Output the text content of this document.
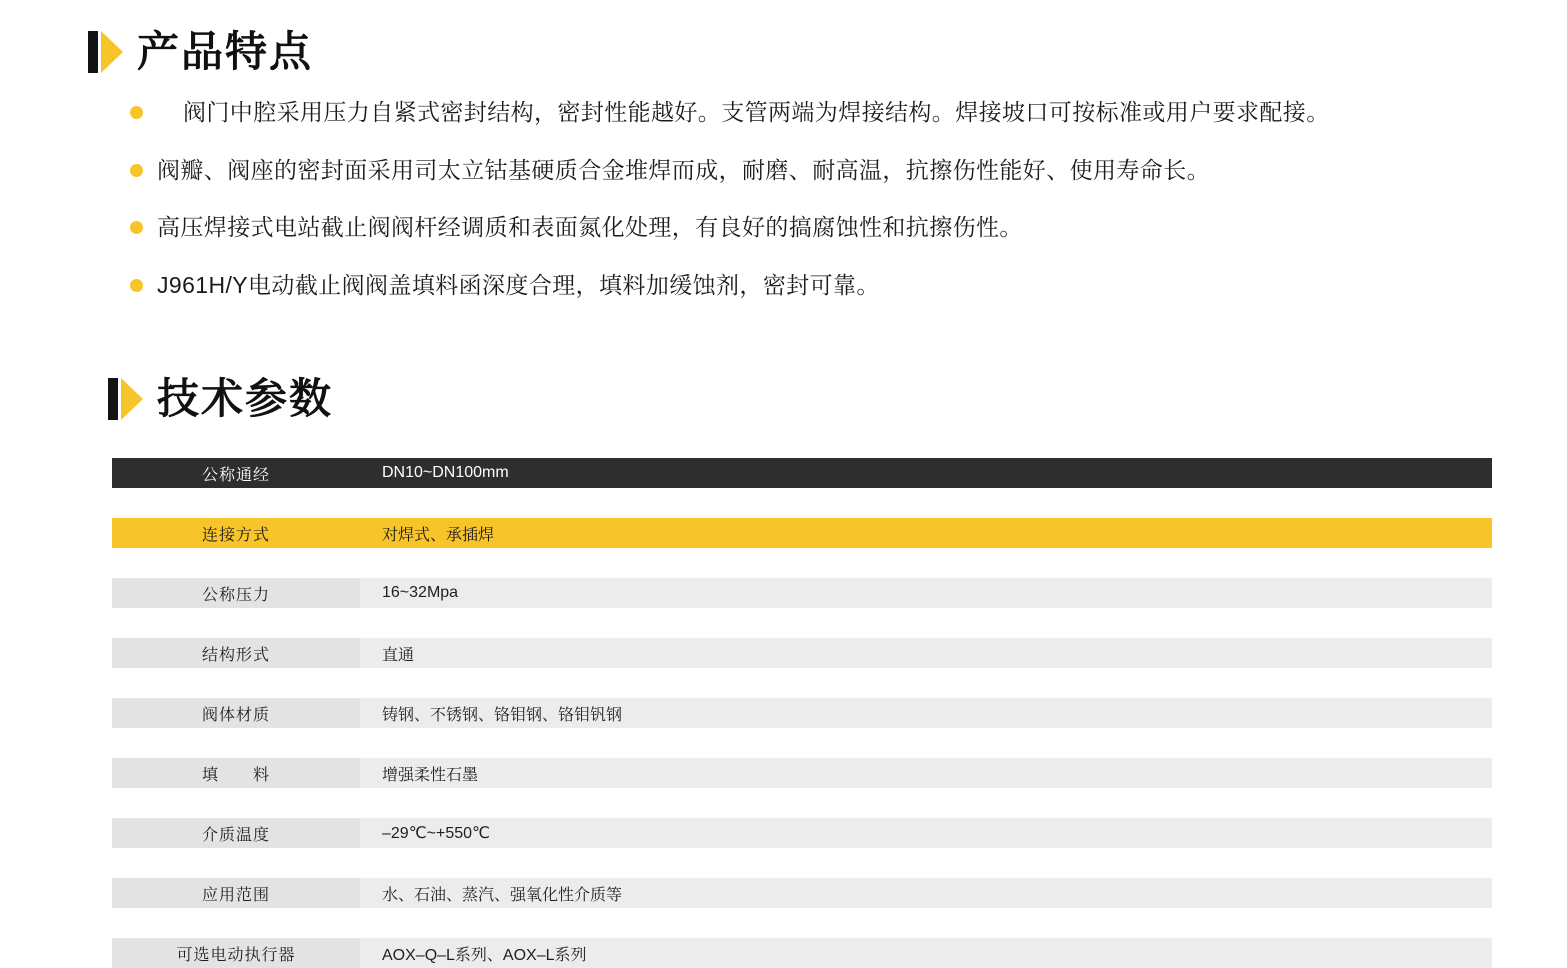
产品特点
阀门中腔采用压力自紧式密封结构，密封性能越好。支管两端为焊接结构。焊接坡口可按标准或用户要求配接。
阀瓣、阀座的密封面采用司太立钴基硬质合金堆焊而成，耐磨、耐高温，抗擦伤性能好、使用寿命长。
高压焊接式电站截止阀阀杆经调质和表面氮化处理，有良好的搞腐蚀性和抗擦伤性。
J961H/Y电动截止阀阀盖填料函深度合理，填料加缓蚀剂，密封可靠。
技术参数
公称通经	DN10~DN100mm

连接方式	对焊式、承插焊

公称压力	16~32Mpa

结构形式	直通

阀体材质	铸钢、不锈钢、铬钼钢、铬钼钒钢

填　　料	增强柔性石墨

介质温度	–29℃~+550℃

应用范围	水、石油、蒸汽、强氧化性介质等

可选电动执行器	AOX–Q–L系列、AOX–L系列
